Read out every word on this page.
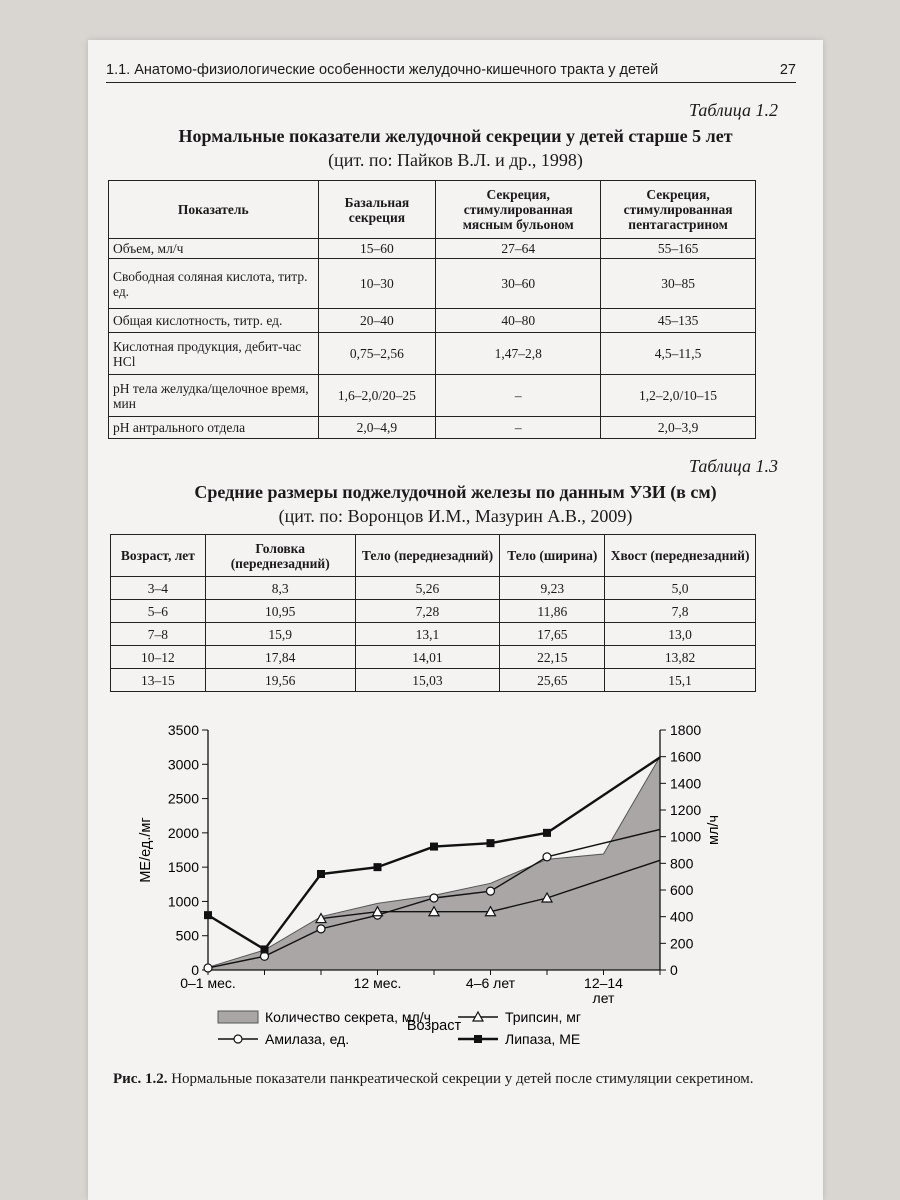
1.1. Анатомо-физиологические особенности желудочно-кишечного тракта у детей	27
Таблица 1.2
Нормальные показатели желудочной секреции у детей старше 5 лет
(цит. по: Пайков В.Л. и др., 1998)
Показатель	Базальная секреция	Секреция, стимулированная мясным бульоном	Секреция, стимулированная пентагастрином
Объем, мл/ч	15–60	27–64	55–165
Свободная соляная кислота, титр. ед.	10–30	30–60	30–85
Общая кислотность, титр. ед.	20–40	40–80	45–135
Кислотная продукция, дебит-час HCl	0,75–2,56	1,47–2,8	4,5–11,5
pH тела желудка/щелочное время, мин	1,6–2,0/20–25	–	1,2–2,0/10–15
pH антрального отдела	2,0–4,9	–	2,0–3,9
Таблица 1.3
Средние размеры поджелудочной железы по данным УЗИ (в см)
(цит. по: Воронцов И.М., Мазурин А.В., 2009)
Возраст, лет	Головка (переднезадний)	Тело (переднезадний)	Тело (ширина)	Хвост (переднезадний)
3–4	8,3	5,26	9,23	5,0
5–6	10,95	7,28	11,86	7,8
7–8	15,9	13,1	17,65	13,0
10–12	17,84	14,01	22,15	13,82
13–15	19,56	15,03	25,65	15,1
0
500
1000
1500
2000
2500
3000
3500
0
200
400
600
800
1000
1200
1400
1600
1800
0–1 мес.	12 мес.	4–6 лет	12–14
лет
Возраст
МЕ/ед./мг	мл/ч
Количество секрета, мл/ч	Трипсин, мг
Амилаза, ед.	Липаза, МЕ
Рис. 1.2. Нормальные показатели панкреатической секреции у детей после стимуляции секретином.
